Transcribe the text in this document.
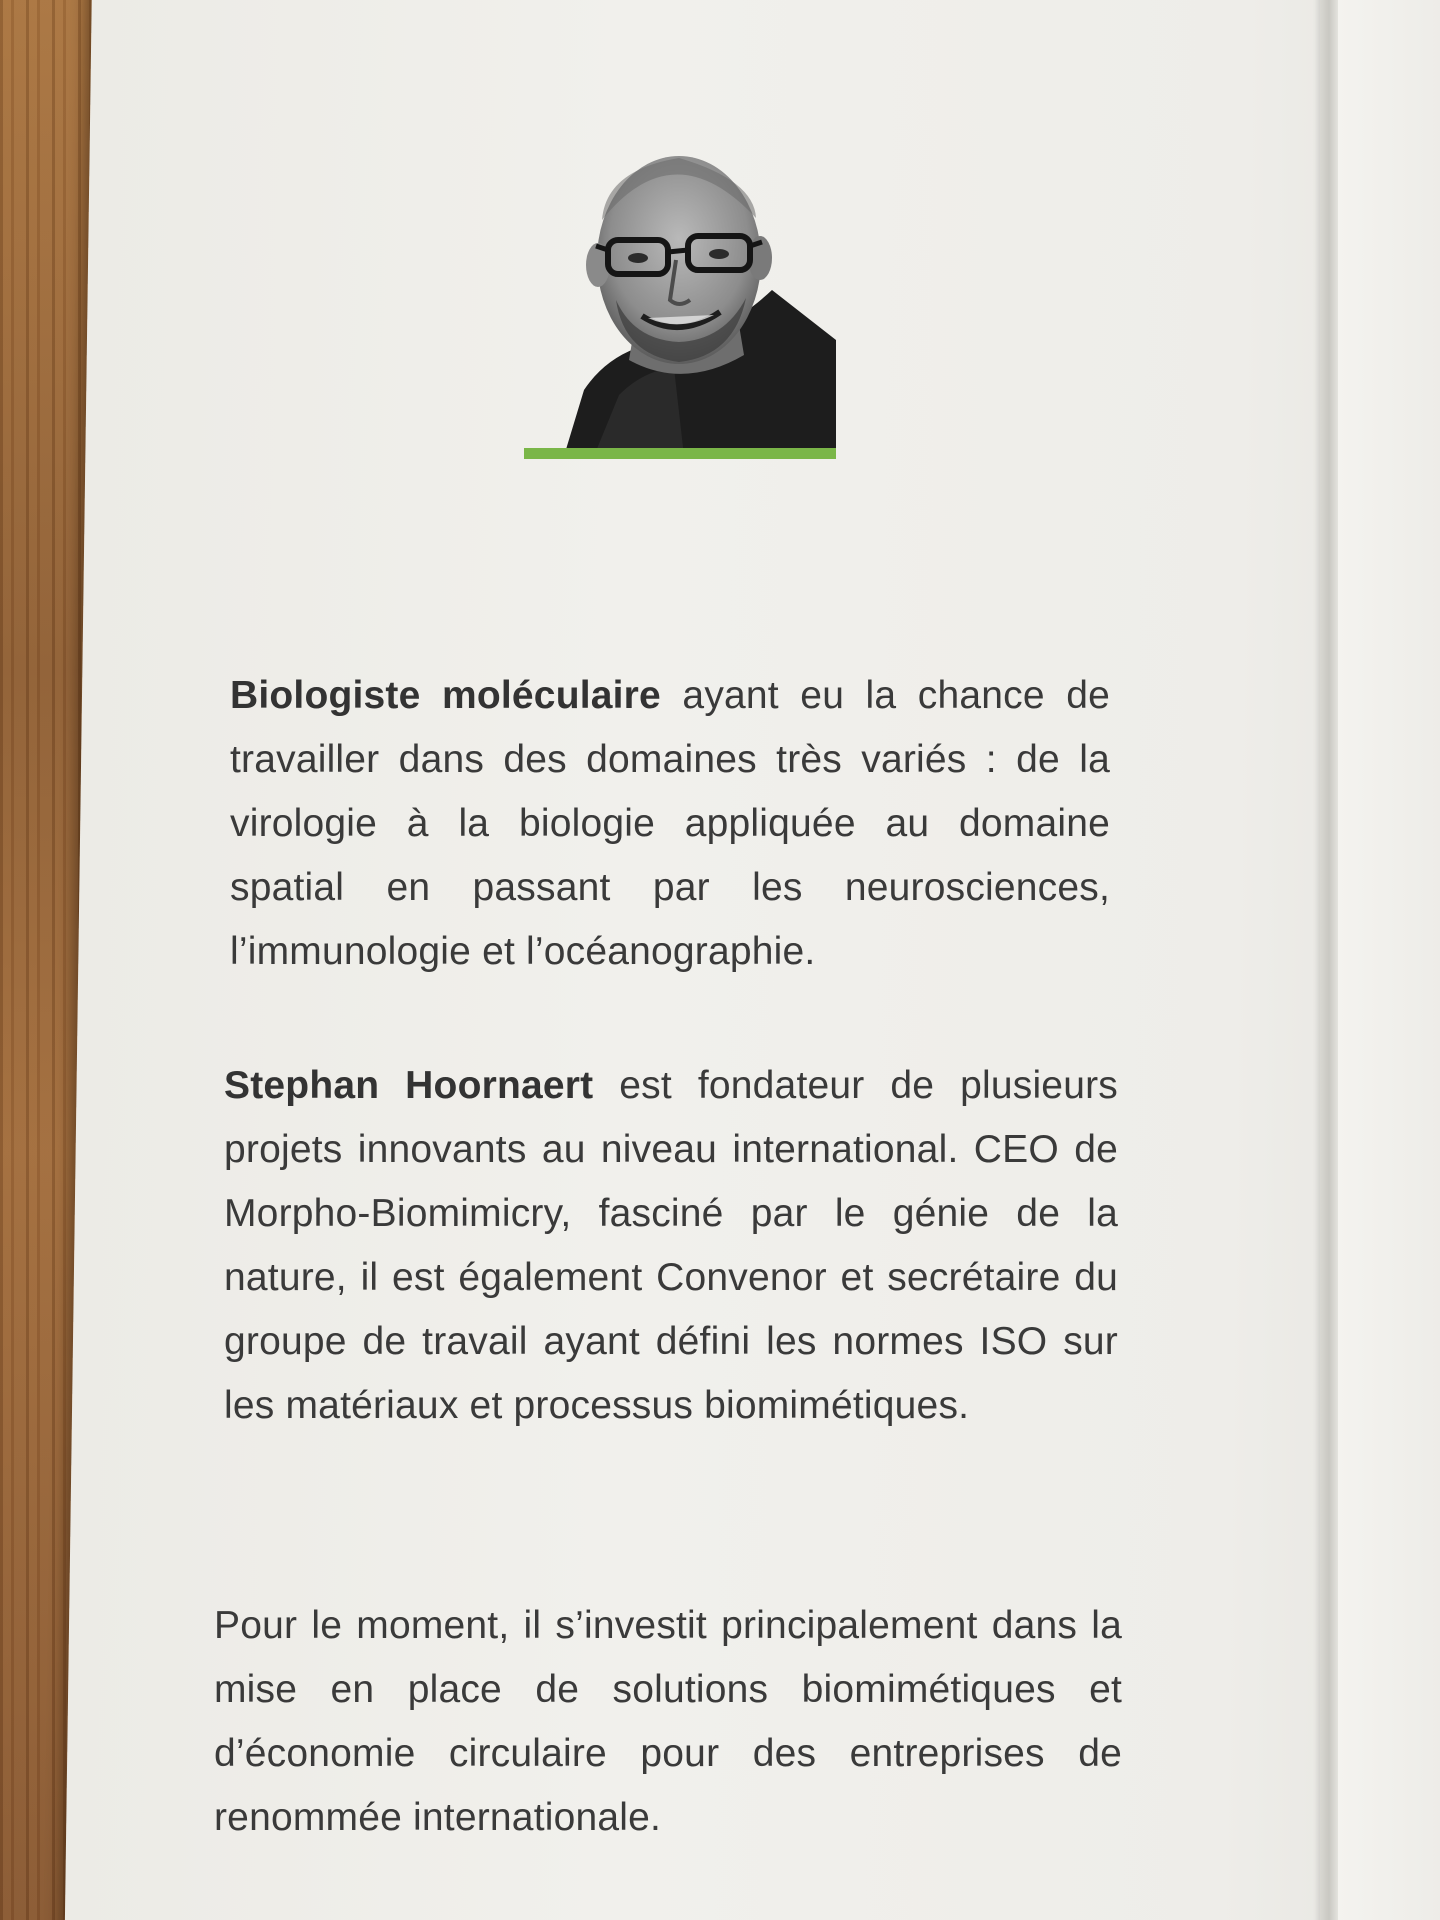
Biologiste moléculaire ayant eu la chance de travailler dans des domaines très variés : de la virologie à la biologie appliquée au domaine spatial en passant par les neurosciences, l’immunologie et l’océanographie.

Stephan Hoornaert est fondateur de plusieurs projets innovants au niveau international. CEO de Morpho-Biomimicry, fasciné par le génie de la nature, il est également Convenor et secrétaire du groupe de travail ayant défini les normes ISO sur les matériaux et processus biomimétiques.

Pour le moment, il s’investit principalement dans la mise en place de solutions biomimétiques et d’économie circulaire pour des entreprises de renommée internationale.
